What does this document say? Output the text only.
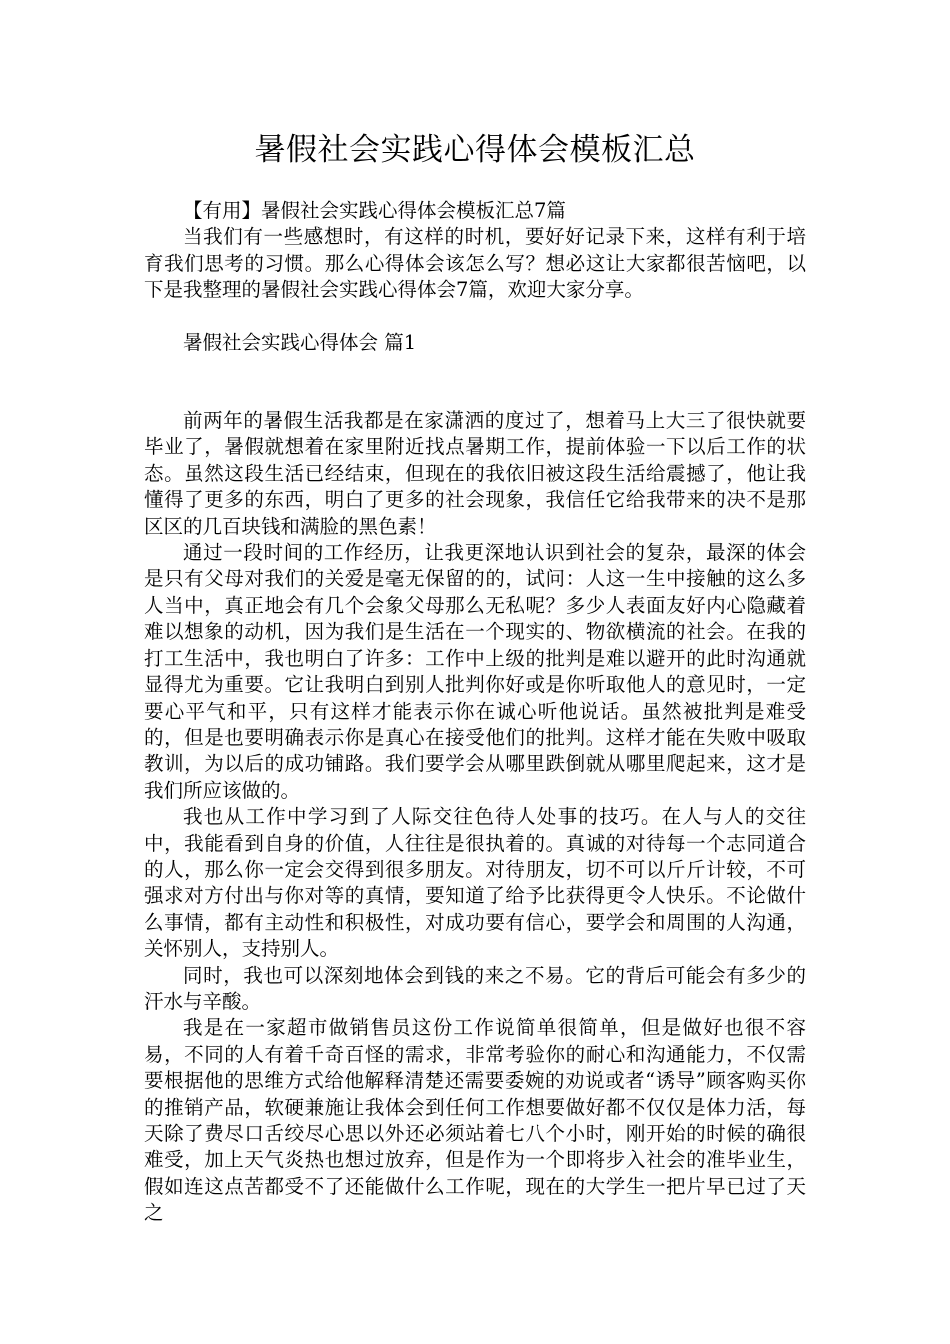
暑假社会实践心得体会模板汇总

【有用】暑假社会实践心得体会模板汇总7篇

当我们有一些感想时，有这样的时机，要好好记录下来，这样有利于培育我们思考的习惯。那么心得体会该怎么写？想必这让大家都很苦恼吧，以下是我整理的暑假社会实践心得体会7篇，欢迎大家分享。

暑假社会实践心得体会 篇1

前两年的暑假生活我都是在家潇洒的度过了，想着马上大三了很快就要毕业了，暑假就想着在家里附近找点暑期工作，提前体验一下以后工作的状态。虽然这段生活已经结束，但现在的我依旧被这段生活给震撼了，他让我懂得了更多的东西，明白了更多的社会现象，我信任它给我带来的决不是那区区的几百块钱和满脸的黑色素！

通过一段时间的工作经历，让我更深地认识到社会的复杂，最深的体会是只有父母对我们的关爱是毫无保留的的，试问：人这一生中接触的这么多人当中，真正地会有几个会象父母那么无私呢？多少人表面友好内心隐藏着难以想象的动机，因为我们是生活在一个现实的、物欲横流的社会。在我的打工生活中，我也明白了许多：工作中上级的批判是难以避开的此时沟通就显得尤为重要。它让我明白到别人批判你好或是你听取他人的意见时，一定要心平气和平，只有这样才能表示你在诚心听他说话。虽然被批判是难受的，但是也要明确表示你是真心在接受他们的批判。这样才能在失败中吸取教训，为以后的成功铺路。我们要学会从哪里跌倒就从哪里爬起来，这才是我们所应该做的。

我也从工作中学习到了人际交往色待人处事的技巧。在人与人的交往中，我能看到自身的价值，人往往是很执着的。真诚的对待每一个志同道合的人，那么你一定会交得到很多朋友。对待朋友，切不可以斤斤计较，不可强求对方付出与你对等的真情，要知道了给予比获得更令人快乐。不论做什么事情，都有主动性和积极性，对成功要有信心，要学会和周围的人沟通，关怀别人，支持别人。

同时，我也可以深刻地体会到钱的来之不易。它的背后可能会有多少的汗水与辛酸。

我是在一家超市做销售员这份工作说简单很简单，但是做好也很不容易，不同的人有着千奇百怪的需求，非常考验你的耐心和沟通能力，不仅需要根据他的思维方式给他解释清楚还需要委婉的劝说或者“诱导”顾客购买你的推销产品，软硬兼施让我体会到任何工作想要做好都不仅仅是体力活，每天除了费尽口舌绞尽心思以外还必须站着七八个小时，刚开始的时候的确很难受，加上天气炎热也想过放弃，但是作为一个即将步入社会的准毕业生，假如连这点苦都受不了还能做什么工作呢，现在的大学生一把片早已过了天之
